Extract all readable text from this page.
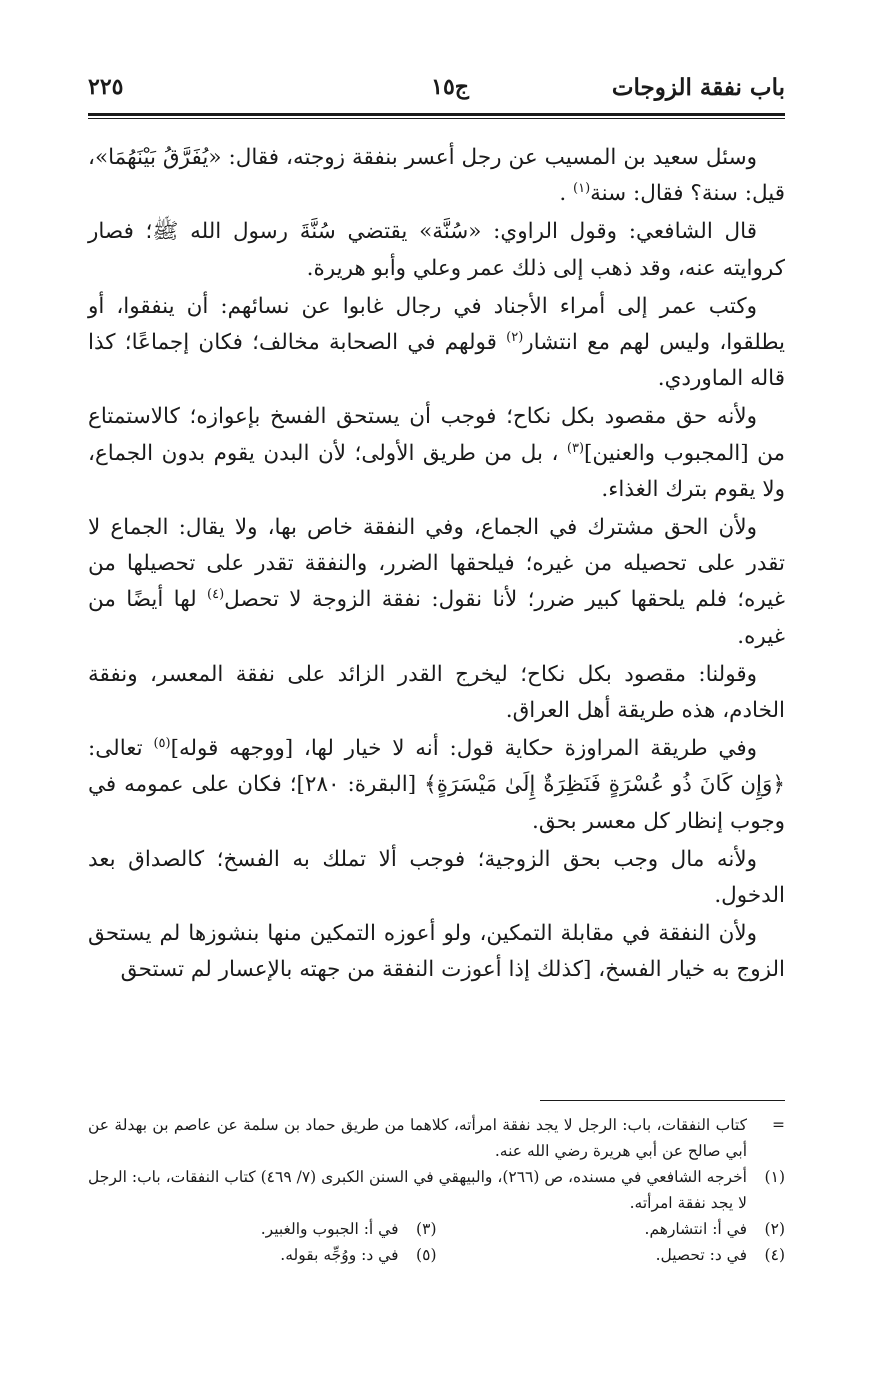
باب نفقة الزوجات
ج١٥
٢٢٥

وسئل سعيد بن المسيب عن رجل أعسر بنفقة زوجته، فقال: «يُفَرَّقُ بَيْنَهُمَا»، قيل: سنة؟ فقال: سنة$^{(١)}$ .

قال الشافعي: وقول الراوي: «سُنَّة» يقتضي سُنَّةَ رسول الله ﷺ؛ فصار كروايته عنه، وقد ذهب إلى ذلك عمر وعلي وأبو هريرة.

وكتب عمر إلى أمراء الأجناد في رجال غابوا عن نسائهم: أن ينفقوا، أو يطلقوا، وليس لهم مع انتشار$^{(٢)}$ قولهم في الصحابة مخالف؛ فكان إجماعًا؛ كذا قاله الماوردي.

ولأنه حق مقصود بكل نكاح؛ فوجب أن يستحق الفسخ بإعوازه؛ كالاستمتاع من [المجبوب والعنين]$^{(٣)}$ ، بل من طريق الأولى؛ لأن البدن يقوم بدون الجماع، ولا يقوم بترك الغذاء.

ولأن الحق مشترك في الجماع، وفي النفقة خاص بها، ولا يقال: الجماع لا تقدر على تحصيله من غيره؛ فيلحقها الضرر، والنفقة تقدر على تحصيلها من غيره؛ فلم يلحقها كبير ضرر؛ لأنا نقول: نفقة الزوجة لا تحصل$^{(٤)}$ لها أيضًا من غيره.

وقولنا: مقصود بكل نكاح؛ ليخرج القدر الزائد على نفقة المعسر، ونفقة الخادم، هذه طريقة أهل العراق.

وفي طريقة المراوزة حكاية قول: أنه لا خيار لها، [ووجهه قوله]$^{(٥)}$ تعالى: ﴿وَإِن كَانَ ذُو عُسْرَةٍ فَنَظِرَةٌ إِلَىٰ مَيْسَرَةٍ﴾ [البقرة: ٢٨٠]؛ فكان على عمومه في وجوب إنظار كل معسر بحق.

ولأنه مال وجب بحق الزوجية؛ فوجب ألا تملك به الفسخ؛ كالصداق بعد الدخول.

ولأن النفقة في مقابلة التمكين، ولو أعوزه التمكين منها بنشوزها لم يستحق الزوج به خيار الفسخ، [كذلك إذا أعوزت النفقة من جهته بالإعسار لم تستحق

=
كتاب النفقات، باب: الرجل لا يجد نفقة امرأته، كلاهما من طريق حماد بن سلمة عن عاصم بن بهدلة عن أبي صالح عن أبي هريرة رضي الله عنه.
(١)
أخرجه الشافعي في مسنده، ص (٢٦٦)، والبيهقي في السنن الكبرى (٧/ ٤٦٩) كتاب النفقات، باب: الرجل لا يجد نفقة امرأته.
(٢)
في أ: انتشارهم.
(٣)
في أ: الجبوب والغبير.
(٤)
في د: تحصيل.
(٥)
في د: ووُجِّه بقوله.
